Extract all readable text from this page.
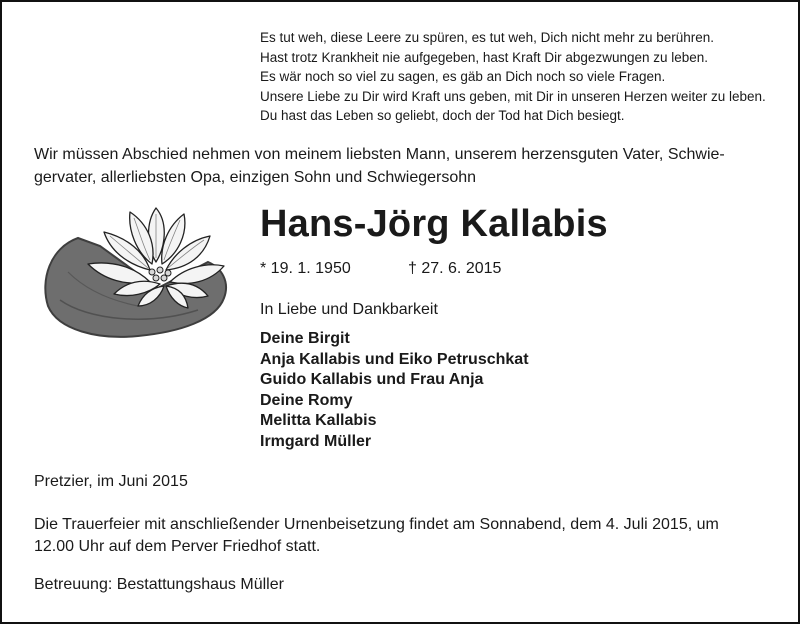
Es tut weh, diese Leere zu spüren, es tut weh, Dich nicht mehr zu berühren.
Hast trotz Krankheit nie aufgegeben, hast Kraft Dir abgezwungen zu leben.
Es wär noch so viel zu sagen, es gäb an Dich noch so viele Fragen.
Unsere Liebe zu Dir wird Kraft uns geben, mit Dir in unseren Herzen weiter zu leben.
Du hast das Leben so geliebt, doch der Tod hat Dich besiegt.
Wir müssen Abschied nehmen von meinem liebsten Mann, unserem herzensguten Vater, Schwie-
gervater, allerliebsten Opa, einzigen Sohn und Schwiegersohn
Hans-Jörg Kallabis
* 19. 1. 1950	† 27. 6. 2015
In Liebe und Dankbarkeit
Deine Birgit
Anja Kallabis und Eiko Petruschkat
Guido Kallabis und Frau Anja
Deine Romy
Melitta Kallabis
Irmgard Müller
Pretzier, im Juni 2015
Die Trauerfeier mit anschließender Urnenbeisetzung findet am Sonnabend, dem 4. Juli 2015, um
12.00 Uhr auf dem Perver Friedhof statt.
Betreuung: Bestattungshaus Müller
